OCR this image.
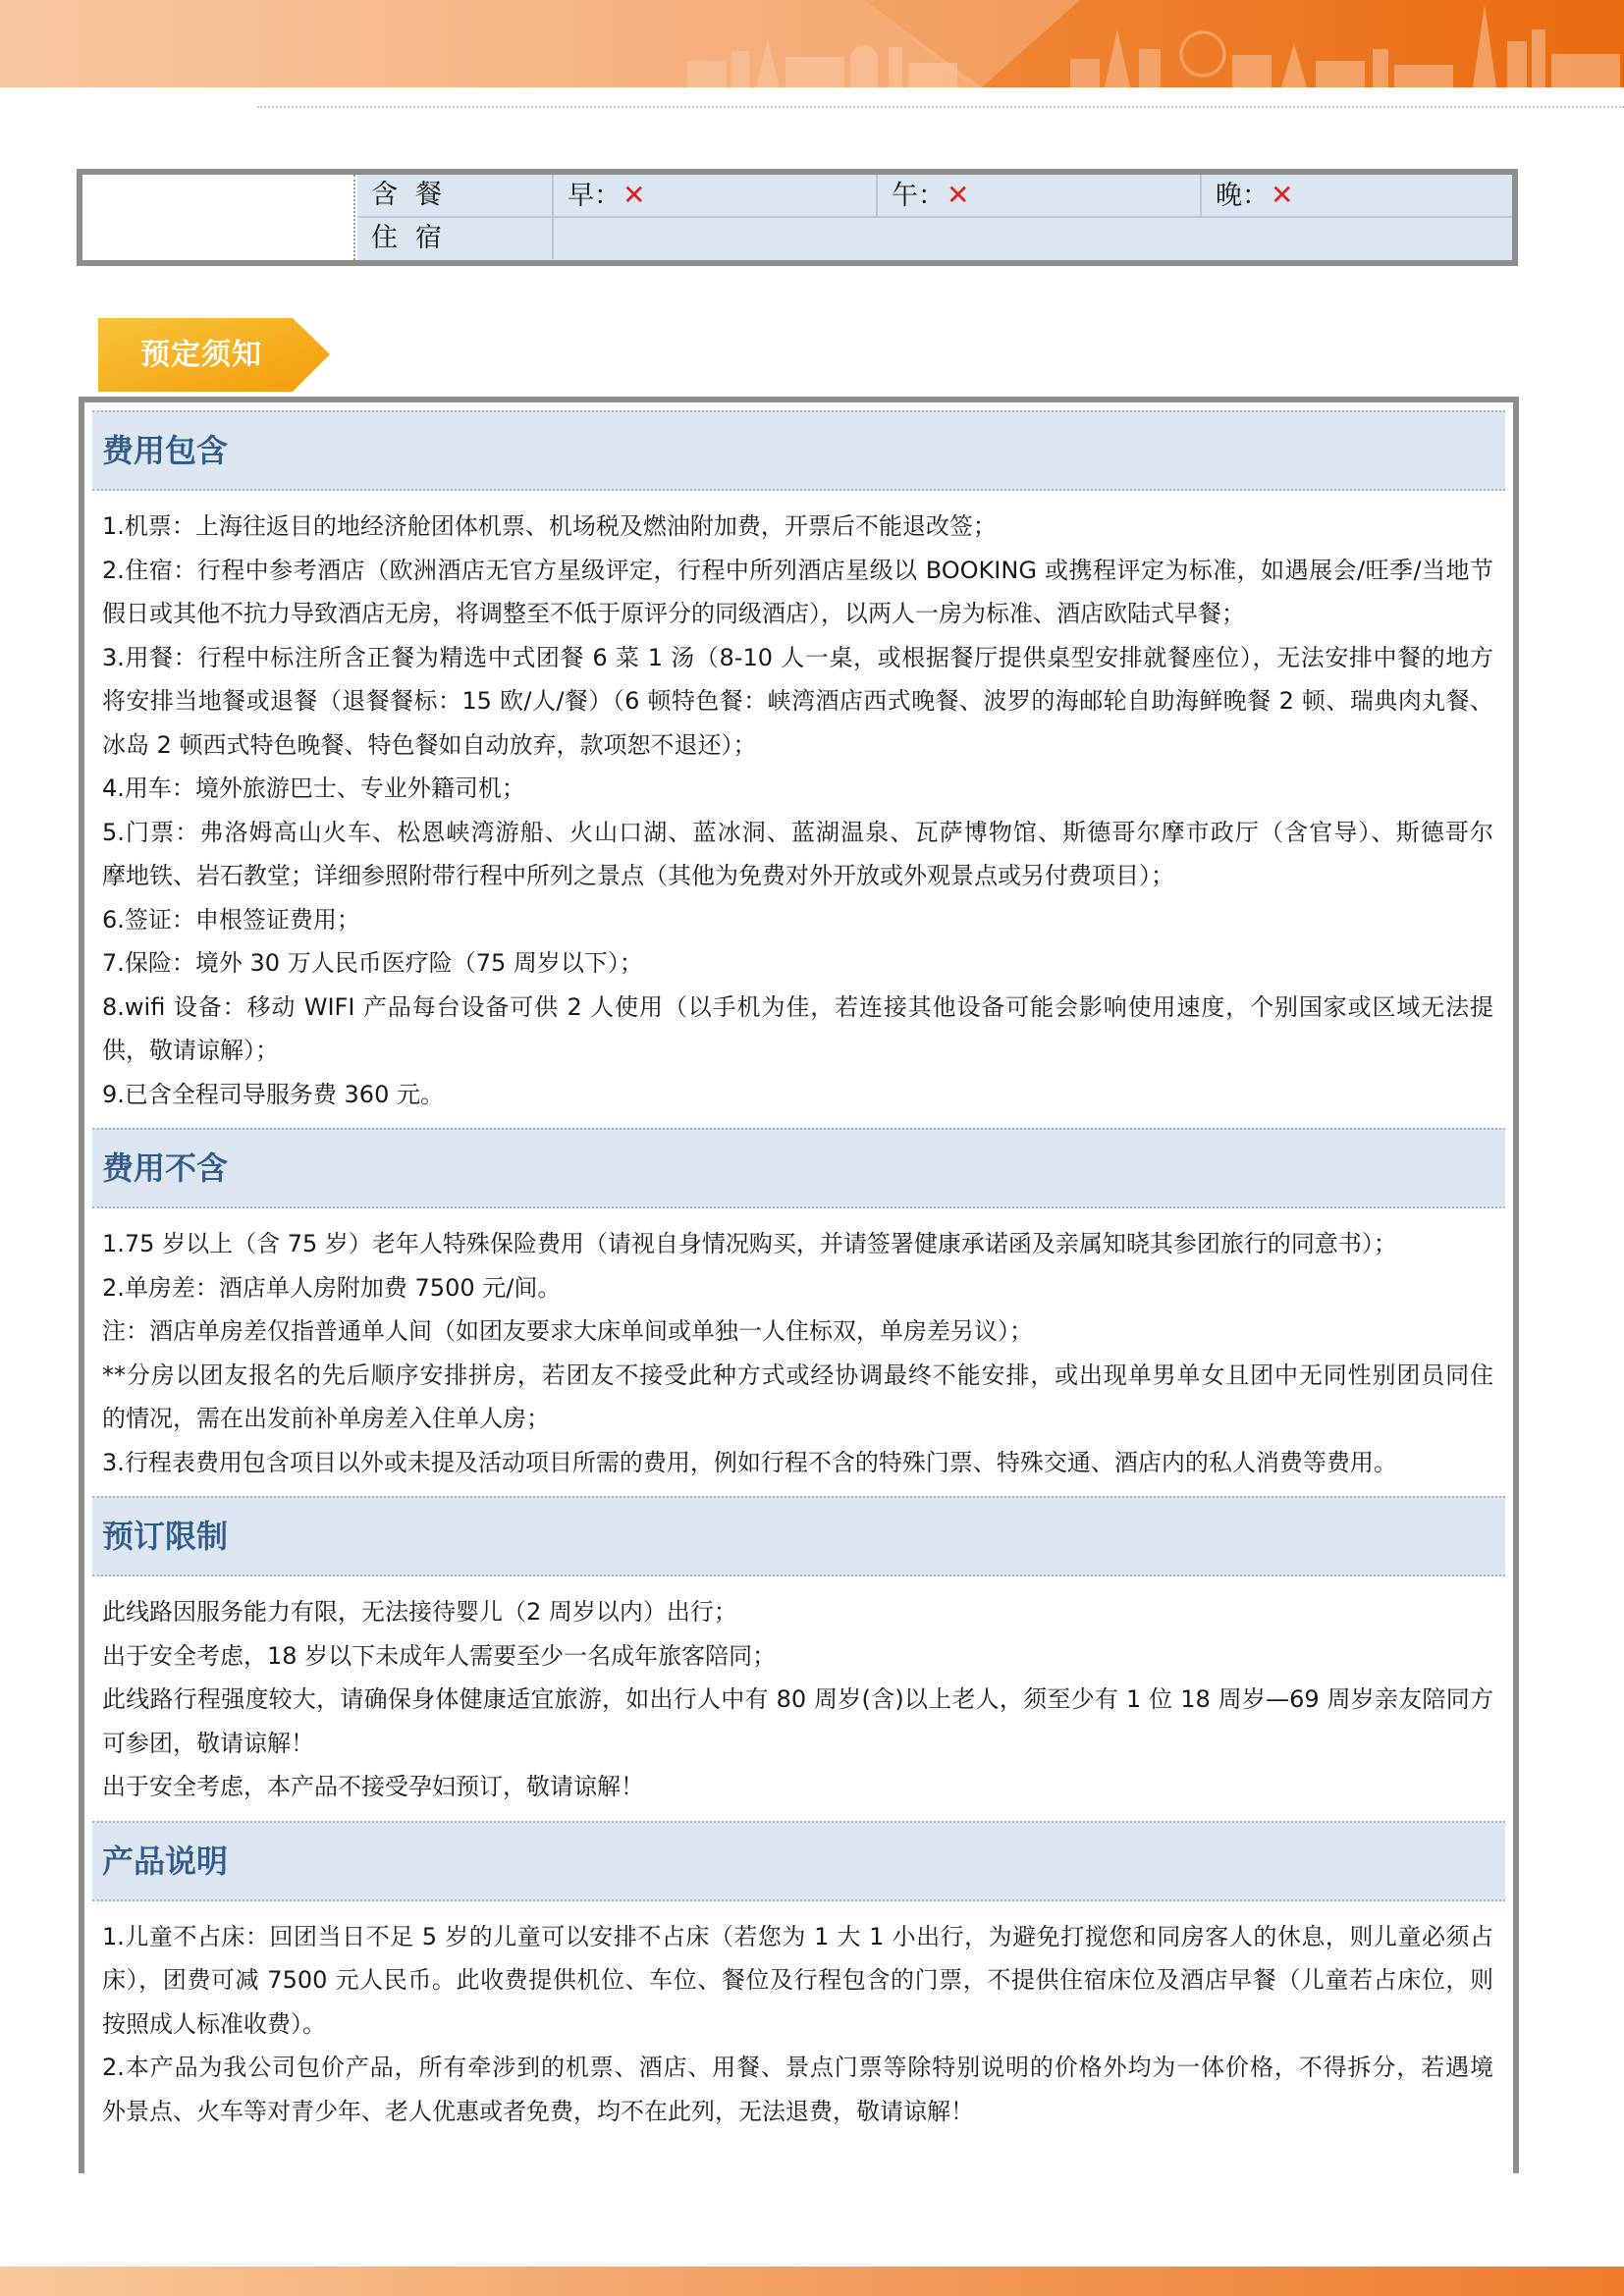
含餐	早：✕	午：✕	晚：✕
住宿
预定须知
费用包含
1.机票：上海往返目的地经济舱团体机票、机场税及燃油附加费，开票后不能退改签；
2.住宿：行程中参考酒店（欧洲酒店无官方星级评定，行程中所列酒店星级以 BOOKING 或携程评定为标准，如遇展会/旺季/当地节
假日或其他不抗力导致酒店无房，将调整至不低于原评分的同级酒店），以两人一房为标准、酒店欧陆式早餐；
3.用餐：行程中标注所含正餐为精选中式团餐 6 菜 1 汤（8-10 人一桌，或根据餐厅提供桌型安排就餐座位），无法安排中餐的地方
将安排当地餐或退餐（退餐餐标：15 欧/人/餐）（6 顿特色餐：峡湾酒店西式晚餐、波罗的海邮轮自助海鲜晚餐 2 顿、瑞典肉丸餐、
冰岛 2 顿西式特色晚餐、特色餐如自动放弃，款项恕不退还）；
4.用车：境外旅游巴士、专业外籍司机；
5.门票：弗洛姆高山火车、松恩峡湾游船、火山口湖、蓝冰洞、蓝湖温泉、瓦萨博物馆、斯德哥尔摩市政厅（含官导）、斯德哥尔
摩地铁、岩石教堂；详细参照附带行程中所列之景点（其他为免费对外开放或外观景点或另付费项目）；
6.签证：申根签证费用；
7.保险：境外 30 万人民币医疗险（75 周岁以下）；
8.wifi 设备：移动 WIFI 产品每台设备可供 2 人使用（以手机为佳，若连接其他设备可能会影响使用速度，个别国家或区域无法提
供，敬请谅解）；
9.已含全程司导服务费 360 元。
费用不含
1.75 岁以上（含 75 岁）老年人特殊保险费用（请视自身情况购买，并请签署健康承诺函及亲属知晓其参团旅行的同意书）；
2.单房差：酒店单人房附加费 7500 元/间。
注：酒店单房差仅指普通单人间（如团友要求大床单间或单独一人住标双，单房差另议）；
**分房以团友报名的先后顺序安排拼房，若团友不接受此种方式或经协调最终不能安排，或出现单男单女且团中无同性别团员同住
的情况，需在出发前补单房差入住单人房；
3.行程表费用包含项目以外或未提及活动项目所需的费用，例如行程不含的特殊门票、特殊交通、酒店内的私人消费等费用。
预订限制
此线路因服务能力有限，无法接待婴儿（2 周岁以内）出行；
出于安全考虑，18 岁以下未成年人需要至少一名成年旅客陪同；
此线路行程强度较大，请确保身体健康适宜旅游，如出行人中有 80 周岁(含)以上老人，须至少有 1 位 18 周岁—69 周岁亲友陪同方
可参团，敬请谅解！
出于安全考虑，本产品不接受孕妇预订，敬请谅解！
产品说明
1.儿童不占床：回团当日不足 5 岁的儿童可以安排不占床（若您为 1 大 1 小出行，为避免打搅您和同房客人的休息，则儿童必须占
床），团费可减 7500 元人民币。此收费提供机位、车位、餐位及行程包含的门票，不提供住宿床位及酒店早餐（儿童若占床位，则
按照成人标准收费）。
2.本产品为我公司包价产品，所有牵涉到的机票、酒店、用餐、景点门票等除特别说明的价格外均为一体价格，不得拆分，若遇境
外景点、火车等对青少年、老人优惠或者免费，均不在此列，无法退费，敬请谅解！
